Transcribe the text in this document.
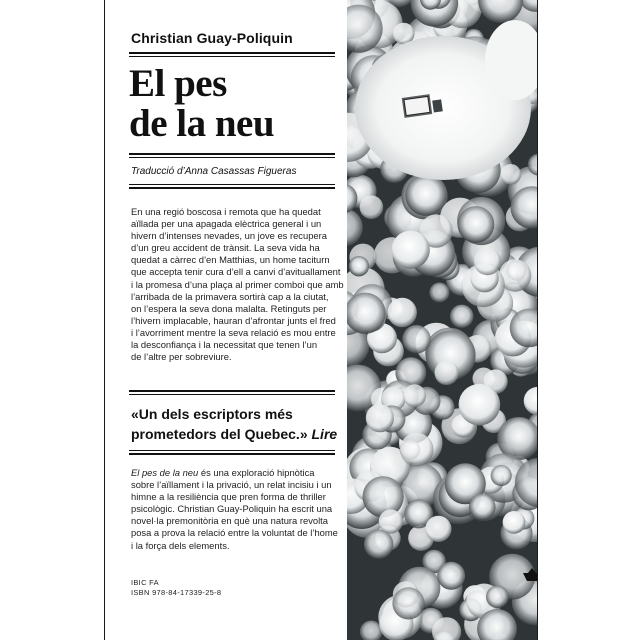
Christian Guay-Poliquin
El pes
de la neu
Traducció d’Anna Casassas Figueras

En una regió boscosa i remota que ha quedat
aïllada per una apagada elèctrica general i un
hivern d’intenses nevades, un jove es recupera
d’un greu accident de trànsit. La seva vida ha
quedat a càrrec d’en Matthias, un home taciturn
que accepta tenir cura d’ell a canvi d’avituallament
i la promesa d’una plaça al primer comboi que amb
l’arribada de la primavera sortirà cap a la ciutat,
on l’espera la seva dona malalta. Retinguts per
l’hivern implacable, hauran d’afrontar junts el fred
i l’avorriment mentre la seva relació es mou entre
la desconfiança i la necessitat que tenen l’un
de l’altre per sobreviure.

«Un dels escriptors més
prometedors del Quebec.» Lire

El pes de la neu és una exploració hipnòtica
sobre l’aïllament i la privació, un relat incisiu i un
himne a la resiliència que pren forma de thriller
psicològic. Christian Guay-Poliquin ha escrit una
novel·la premonitòria en què una natura revolta
posa a prova la relació entre la voluntat de l’home
i la força dels elements.

IBIC FA
ISBN 978-84-17339-25-8
